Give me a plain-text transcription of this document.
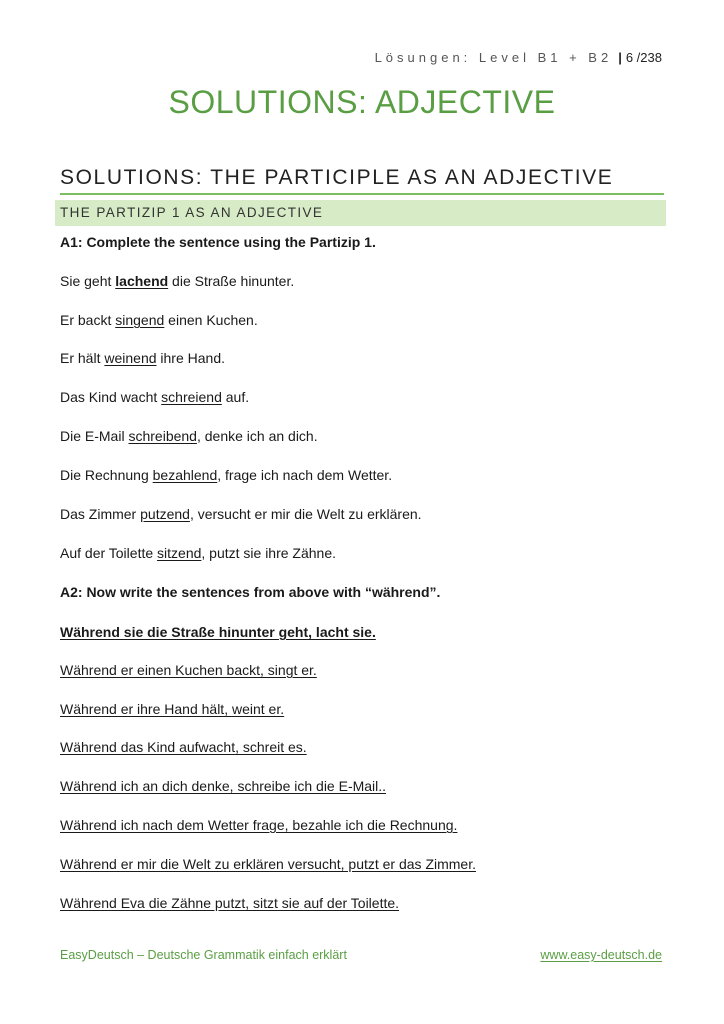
Lösungen: Level B1 + B2 | 6 /238
SOLUTIONS: ADJECTIVE
SOLUTIONS: THE PARTICIPLE AS AN ADJECTIVE
THE PARTIZIP 1 AS AN ADJECTIVE
A1: Complete the sentence using the Partizip 1.
Sie geht lachend die Straße hinunter.
Er backt singend einen Kuchen.
Er hält weinend ihre Hand.
Das Kind wacht schreiend auf.
Die E-Mail schreibend, denke ich an dich.
Die Rechnung bezahlend, frage ich nach dem Wetter.
Das Zimmer putzend, versucht er mir die Welt zu erklären.
Auf der Toilette sitzend, putzt sie ihre Zähne.
A2: Now write the sentences from above with “während”.
Während sie die Straße hinunter geht, lacht sie.
Während er einen Kuchen backt, singt er.
Während er ihre Hand hält, weint er.
Während das Kind aufwacht, schreit es.
Während ich an dich denke, schreibe ich die E-Mail..
Während ich nach dem Wetter frage, bezahle ich die Rechnung.
Während er mir die Welt zu erklären versucht, putzt er das Zimmer.
Während Eva die Zähne putzt, sitzt sie auf der Toilette.
EasyDeutsch – Deutsche Grammatik einfach erklärt	www.easy-deutsch.de
